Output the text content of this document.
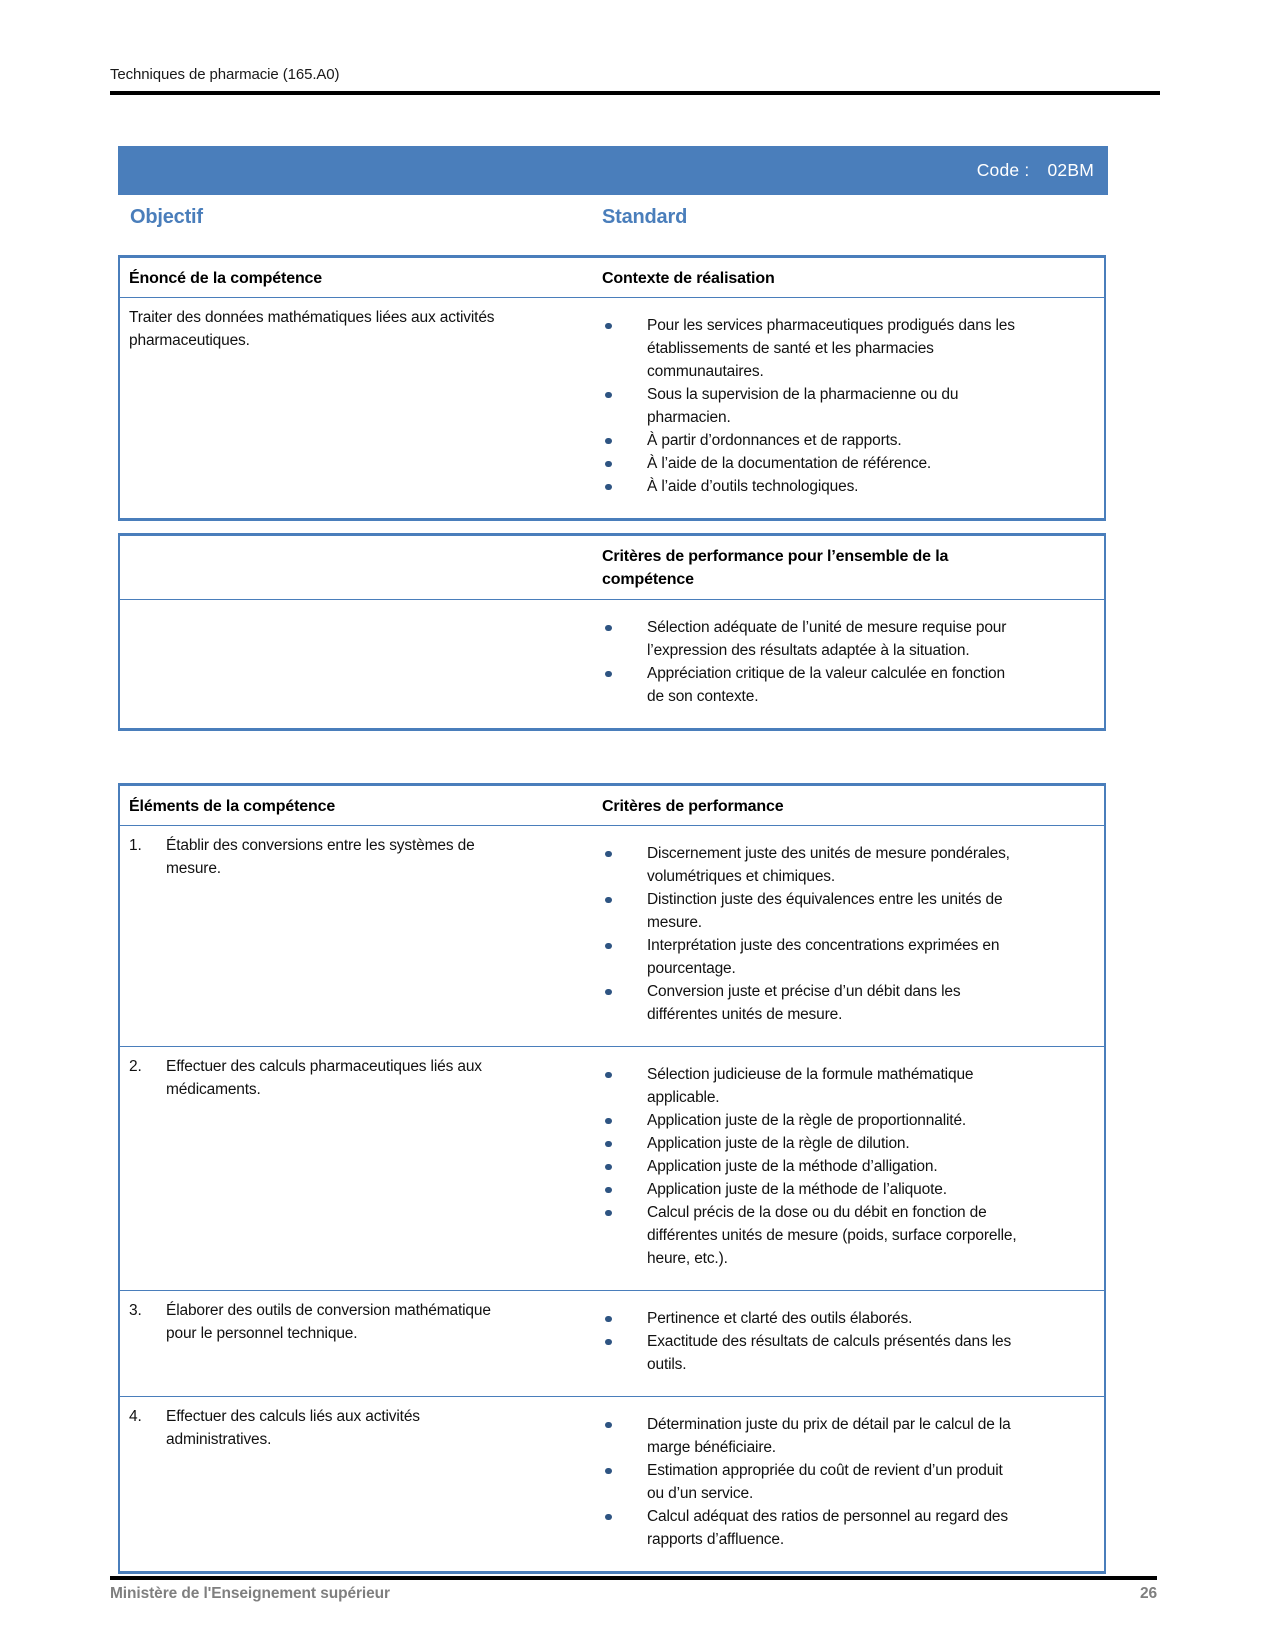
Techniques de pharmacie (165.A0)
Code : 02BM
Objectif	Standard
Énoncé de la compétence	Contexte de réalisation
Traiter des données mathématiques liées aux activités pharmaceutiques.
Pour les services pharmaceutiques prodigués dans les établissements de santé et les pharmacies communautaires.
Sous la supervision de la pharmacienne ou du pharmacien.
À partir d’ordonnances et de rapports.
À l’aide de la documentation de référence.
À l’aide d’outils technologiques.
Critères de performance pour l’ensemble de la compétence
Sélection adéquate de l’unité de mesure requise pour l’expression des résultats adaptée à la situation.
Appréciation critique de la valeur calculée en fonction de son contexte.
Éléments de la compétence	Critères de performance
1.	Établir des conversions entre les systèmes de mesure.
Discernement juste des unités de mesure pondérales, volumétriques et chimiques.
Distinction juste des équivalences entre les unités de mesure.
Interprétation juste des concentrations exprimées en pourcentage.
Conversion juste et précise d’un débit dans les différentes unités de mesure.
2.	Effectuer des calculs pharmaceutiques liés aux médicaments.
Sélection judicieuse de la formule mathématique applicable.
Application juste de la règle de proportionnalité.
Application juste de la règle de dilution.
Application juste de la méthode d’alligation.
Application juste de la méthode de l’aliquote.
Calcul précis de la dose ou du débit en fonction de différentes unités de mesure (poids, surface corporelle, heure, etc.).
3.	Élaborer des outils de conversion mathématique pour le personnel technique.
Pertinence et clarté des outils élaborés.
Exactitude des résultats de calculs présentés dans les outils.
4.	Effectuer des calculs liés aux activités administratives.
Détermination juste du prix de détail par le calcul de la marge bénéficiaire.
Estimation appropriée du coût de revient d’un produit ou d’un service.
Calcul adéquat des ratios de personnel au regard des rapports d’affluence.
Ministère de l'Enseignement supérieur	26
